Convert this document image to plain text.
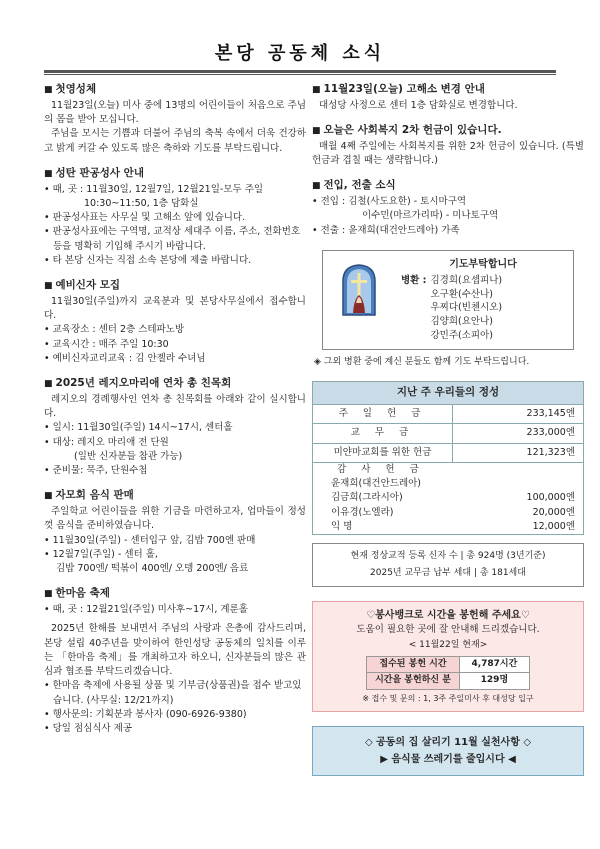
본당 공동체 소식
■ 첫영성체
11월23일(오늘) 미사 중에 13명의 어린이들이 처음으로 주님의 몸을 받아 모십니다.
주님을 모시는 기쁨과 더불어 주님의 축복 속에서 더욱 건강하고 밝게 커갈 수 있도록 많은 축하와 기도를 부탁드립니다.
■ 성탄 판공성사 안내
• 때, 곳 : 11월30일, 12월7일, 12월21일-모두 주일
10:30~11:50, 1층 담화실
• 판공성사표는 사무실 및 고해소 앞에 있습니다.
• 판공성사표에는 구역명, 교적상 세대주 이름, 주소, 전화번호 등을 명확히 기입해 주시기 바랍니다.
• 타 본당 신자는 직접 소속 본당에 제출 바랍니다.
■ 예비신자 모집
11월30일(주일)까지 교육분과 및 본당사무실에서 접수합니다.
• 교육장소 : 센터 2층 스테파노방
• 교육시간 : 매주 주일 10:30
• 예비신자교리교육 : 김 안젤라 수녀님
■ 2025년 레지오마리애 연차 총 친목회
레지오의 경례행사인 연차 총 친목회를 아래와 같이 실시합니다.
• 일시: 11월30일(주일) 14시~17시, 센터홀
• 대상: 레지오 마리애 전 단원
(일반 신자분들 참관 가능)
• 준비물: 묵주, 단원수첩
■ 자모회 음식 판매
주일학교 어린이들을 위한 기금을 마련하고자, 업마들이 정성껏 음식을 준비하였습니다.
• 11월30일(주일) - 센터입구 앞, 김밥 700엔 판매
• 12월7일(주일) - 센터 홀,
김밥 700엔/ 떡볶이 400엔/ 오뎅 200엔/ 음료
■ 한마음 축제
• 때, 곳 : 12월21일(주일) 미사후~17시, 계룬홀
2025년 한해를 보내면서 주님의 사랑과 은총에 감사드리며, 본당 설립 40주년을 맞이하여 한인성당 공동체의 일치를 이루는 「한마음 축제」를 개최하고자 하오니, 신자분들의 많은 관심과 협조를 부탁드리겠습니다.
• 한마음 축제에 사용될 상품 및 기부금(상품권)을 접수 받고있습니다. (사무실: 12/21까지)
• 행사문의: 기획분과 봉사자 (090-6926-9380)
• 당일 점심식사 제공
■ 11월23일(오늘) 고해소 변경 안내
대성당 사정으로 센터 1층 담화실로 변경합니다.
■ 오늘은 사회복지 2차 헌금이 있습니다.
매월 4째 주일에는 사회복지를 위한 2차 헌금이 있습니다. (특별헌금과 겹칠 때는 생략합니다.)
■ 전입, 전출 소식
• 전입 : 김철(사도요한) - 토시마구역
이수민(마르가리따) - 미나토구역
• 전출 : 윤재희(대건안드레아) 가족
기도부탁합니다
병환 : 김경희(요셉피나)
오구환(수산나)
우찌다(빈첸시오)
김양희(요안나)
강민주(소피아)
◈ 그외 병환 중에 계신 분들도 함께 기도 부탁드립니다.
지난 주 우리들의 정성
주 일 헌 금	233,145엔
교 무 금	233,000엔
미얀마교회를 위한 헌금	121,323엔
감 사 헌 금
윤재희(대건안드레아)
김금희(그라시아)	100,000엔
이유경(노엘라)	20,000엔
익 명	12,000엔
현재 정상교적 등록 신자 수 | 총 924명 (3년기준)
2025년 교무금 납부 세대 | 총 181세대
♡봉사뱅크로 시간을 봉헌해 주세요♡
도움이 필요한 곳에 잘 안내해 드리겠습니다.
< 11월22일 현재>
접수된 봉헌 시간	4,787시간
시간을 봉헌하신 분	129명
※ 접수 및 문의 : 1, 3주 주일미사 후 대성당 입구
◇ 공동의 집 살리기 11월 실천사항 ◇
▶ 음식물 쓰레기를 줄입시다 ◀
